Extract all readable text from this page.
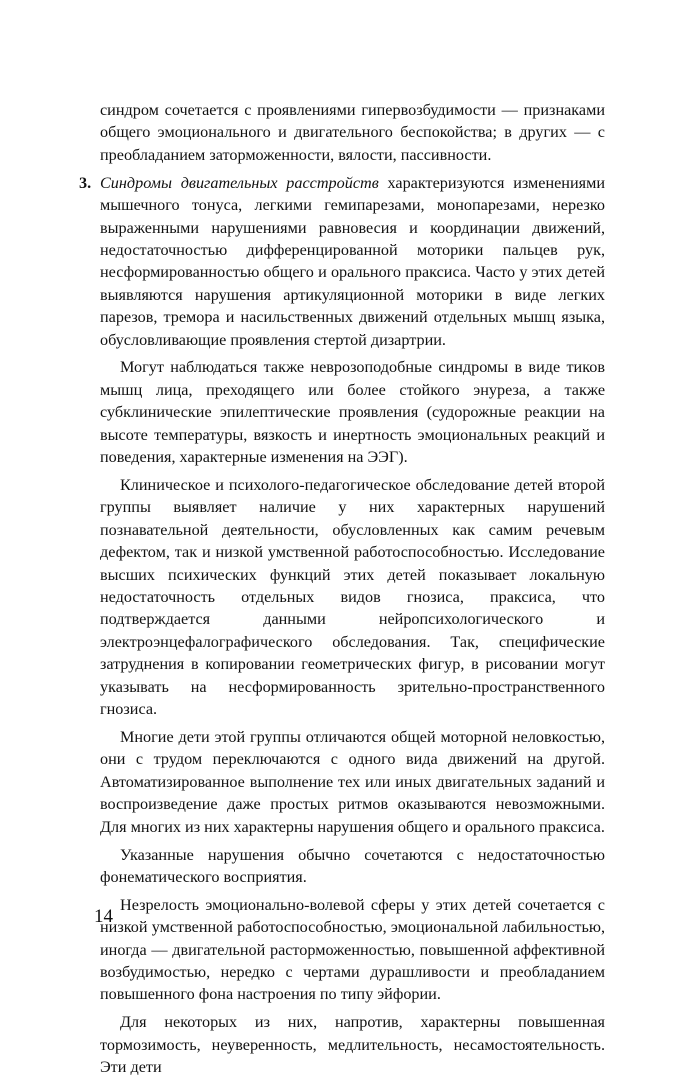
синдром сочетается с проявлениями гипервозбудимости — признаками общего эмоционального и двигательного беспокойства; в других — с преобладанием заторможенности, вялости, пассивности.

3. Синдромы двигательных расстройств характеризуются изменениями мышечного тонуса, легкими гемипарезами, монопарезами, нерезко выраженными нарушениями равновесия и координации движений, недостаточностью дифференцированной моторики пальцев рук, несформированностью общего и орального праксиса. Часто у этих детей выявляются нарушения артикуляционной моторики в виде легких парезов, тремора и насильственных движений отдельных мышц языка, обусловливающие проявления стертой дизартрии.

Могут наблюдаться также неврозоподобные синдромы в виде тиков мышц лица, преходящего или более стойкого энуреза, а также субклинические эпилептические проявления (судорожные реакции на высоте температуры, вязкость и инертность эмоциональных реакций и поведения, характерные изменения на ЭЭГ).

Клиническое и психолого-педагогическое обследование детей второй группы выявляет наличие у них характерных нарушений познавательной деятельности, обусловленных как самим речевым дефектом, так и низкой умственной работоспособностью. Исследование высших психических функций этих детей показывает локальную недостаточность отдельных видов гнозиса, праксиса, что подтверждается данными нейропсихологического и электроэнцефалографического обследования. Так, специфические затруднения в копировании геометрических фигур, в рисовании могут указывать на несформированность зрительно-пространственного гнозиса.

Многие дети этой группы отличаются общей моторной неловкостью, они с трудом переключаются с одного вида движений на другой. Автоматизированное выполнение тех или иных двигательных заданий и воспроизведение даже простых ритмов оказываются невозможными. Для многих из них характерны нарушения общего и орального праксиса.

Указанные нарушения обычно сочетаются с недостаточностью фонематического восприятия.

Незрелость эмоционально-волевой сферы у этих детей сочетается с низкой умственной работоспособностью, эмоциональной лабильностью, иногда — двигательной расторможенностью, повышенной аффективной возбудимостью, нередко с чертами дурашливости и преобладанием повышенного фона настроения по типу эйфории.

Для некоторых из них, напротив, характерны повышенная тормозимость, неуверенность, медлительность, несамостоятельность. Эти дети

14
